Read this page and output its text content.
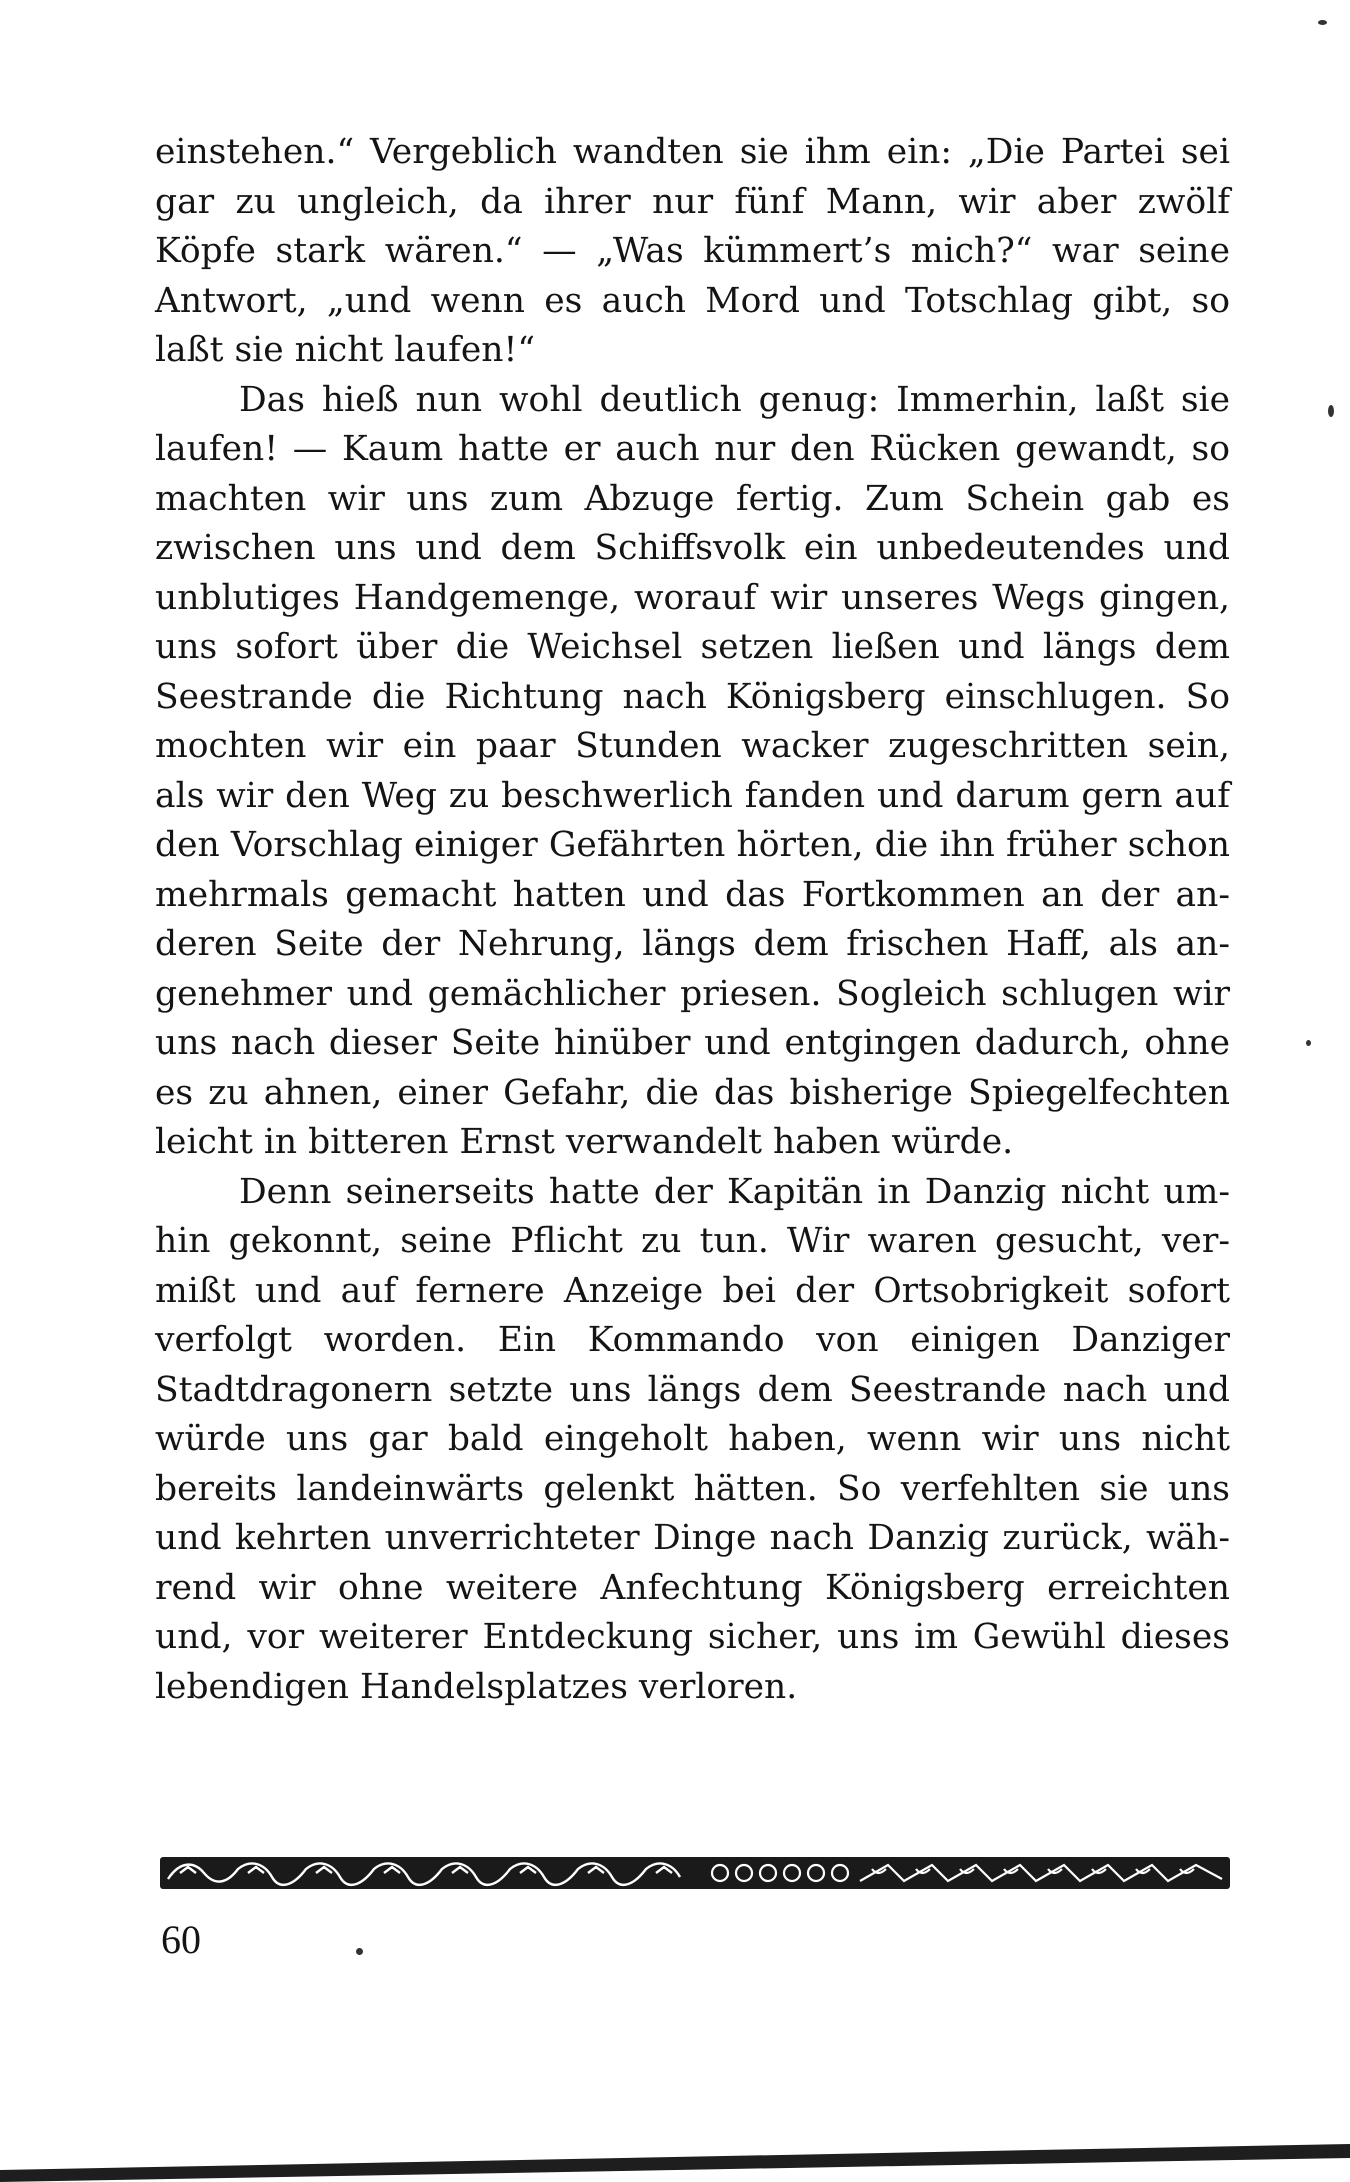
einstehen.“ Vergeblich wandten sie ihm ein: „Die Partei sei gar zu ungleich, da ihrer nur fünf Mann, wir aber zwölf Köpfe stark wären.“ — „Was kümmert’s mich?“ war seine Antwort, „und wenn es auch Mord und Totschlag gibt, so laßt sie nicht laufen!“

Das hieß nun wohl deutlich genug: Immerhin, laßt sie laufen! — Kaum hatte er auch nur den Rücken gewandt, so machten wir uns zum Abzuge fertig. Zum Schein gab es zwischen uns und dem Schiffsvolk ein unbedeutendes und unblutiges Handgemenge, worauf wir unseres Wegs gingen, uns sofort über die Weichsel setzen ließen und längs dem Seestrande die Richtung nach Königsberg einschlugen. So mochten wir ein paar Stunden wacker zugeschritten sein, als wir den Weg zu beschwerlich fanden und darum gern auf den Vorschlag einiger Gefährten hörten, die ihn früher schon mehrmals gemacht hatten und das Fortkommen an der anderen Seite der Nehrung, längs dem frischen Haff, als angenehmer und gemächlicher priesen. Sogleich schlugen wir uns nach dieser Seite hinüber und entgingen dadurch, ohne es zu ahnen, einer Gefahr, die das bisherige Spiegelfechten leicht in bitteren Ernst verwandelt haben würde.

Denn seinerseits hatte der Kapitän in Danzig nicht umhin gekonnt, seine Pflicht zu tun. Wir waren gesucht, vermißt und auf fernere Anzeige bei der Ortsobrigkeit sofort verfolgt worden. Ein Kommando von einigen Danziger Stadtdragonern setzte uns längs dem Seestrande nach und würde uns gar bald eingeholt haben, wenn wir uns nicht bereits landeinwärts gelenkt hätten. So verfehlten sie uns und kehrten unverrichteter Dinge nach Danzig zurück, während wir ohne weitere Anfechtung Königsberg erreichten und, vor weiterer Entdeckung sicher, uns im Gewühl dieses lebendigen Handelsplatzes verloren.

60
